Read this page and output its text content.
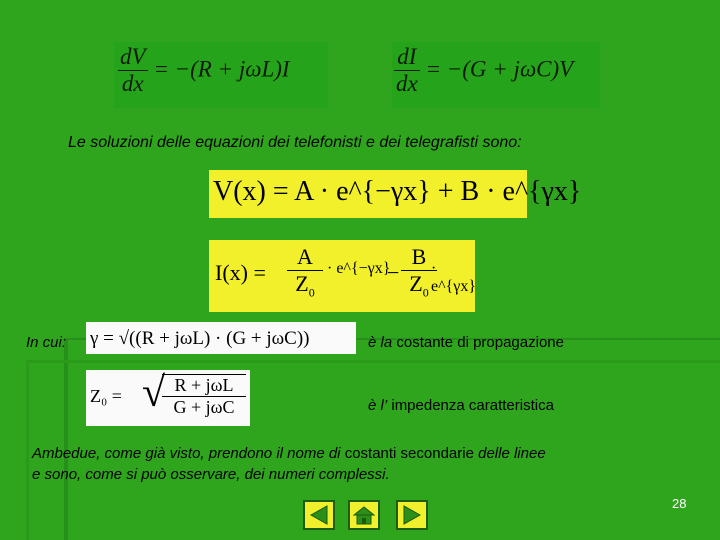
$\frac{dV}{dx} = -(R + j\omega L)I$	$\frac{dI}{dx} = -(G + j\omega C)V$
Le soluzioni delle equazioni dei telefonisti e dei telegrafisti sono:
V(x) = A · e^{−γx} + B · e^{γx}
$I(x) = \frac{A}{Z_0}$ · e^{−γx}
− $\frac{B}{Z_0}$
· e^{γx}
In cui: γ = √((R + jωL) · (G + jωC))	è la costante di propagazione
Z₀ = √ R + jωL
G + jωC	è l’ impedenza caratteristica
Ambedue, come già visto, prendono il nome di costanti secondarie delle linee
e sono, come si può osservare, dei numeri complessi.
28
